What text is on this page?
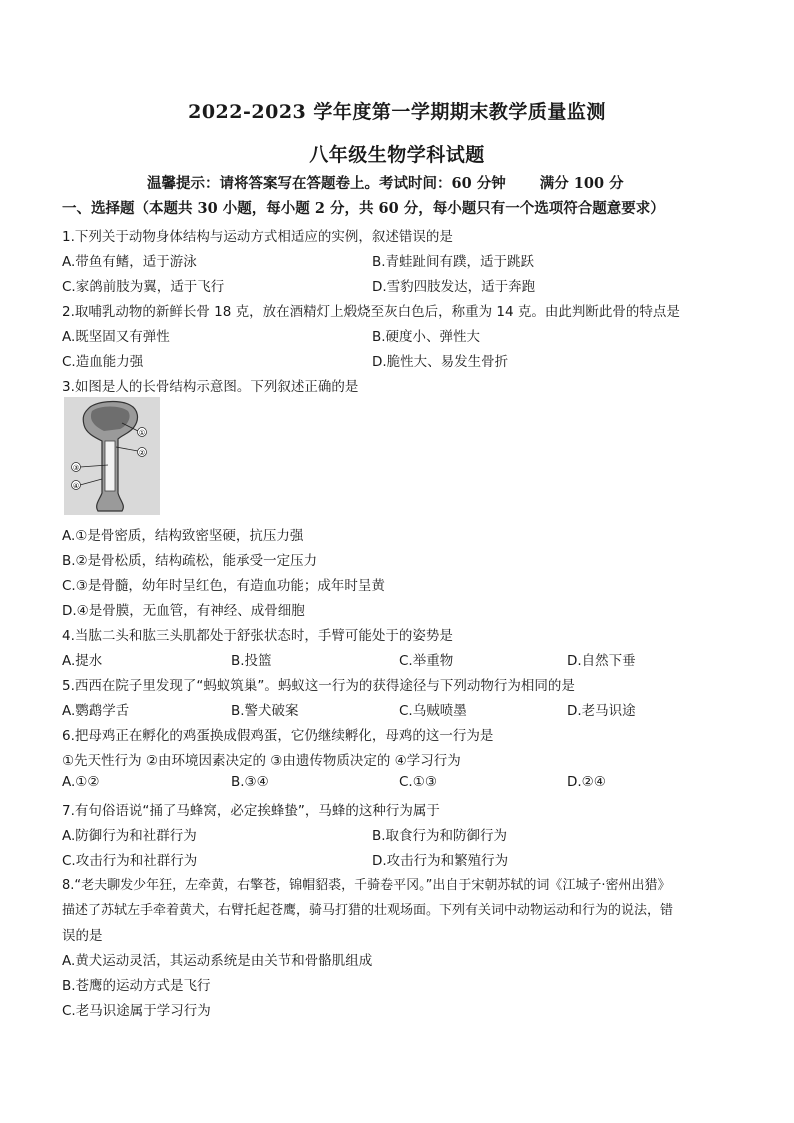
2022-2023 学年度第一学期期末教学质量监测
八年级生物学科试题
温馨提示：请将答案写在答题卷上。考试时间：60 分钟 满分 100 分
一、选择题（本题共 30 小题，每小题 2 分，共 60 分，每小题只有一个选项符合题意要求）
1.下列关于动物身体结构与运动方式相适应的实例，叙述错误的是
A.带鱼有鳍，适于游泳	B.青蛙趾间有蹼，适于跳跃
C.家鸽前肢为翼，适于飞行	D.雪豹四肢发达，适于奔跑
2.取哺乳动物的新鲜长骨 18 克，放在酒精灯上煅烧至灰白色后，称重为 14 克。由此判断此骨的特点是
A.既坚固又有弹性	B.硬度小、弹性大
C.造血能力强	D.脆性大、易发生骨折
3.如图是人的长骨结构示意图。下列叙述正确的是
①
②
③
④
A.①是骨密质，结构致密坚硬，抗压力强
B.②是骨松质，结构疏松，能承受一定压力
C.③是骨髓，幼年时呈红色，有造血功能；成年时呈黄
D.④是骨膜，无血管，有神经、成骨细胞
4.当肱二头和肱三头肌都处于舒张状态时，手臂可能处于的姿势是
A.提水	B.投篮	C.举重物	D.自然下垂
5.西西在院子里发现了“蚂蚁筑巢”。蚂蚁这一行为的获得途径与下列动物行为相同的是
A.鹦鹉学舌	B.警犬破案	C.乌贼喷墨	D.老马识途
6.把母鸡正在孵化的鸡蛋换成假鸡蛋，它仍继续孵化，母鸡的这一行为是
①先天性行为 ②由环境因素决定的 ③由遗传物质决定的 ④学习行为
A.①②	B.③④	C.①③	D.②④
7.有句俗语说“捅了马蜂窝，必定挨蜂蛰”，马蜂的这种行为属于
A.防御行为和社群行为	B.取食行为和防御行为
C.攻击行为和社群行为	D.攻击行为和繁殖行为
8.“老夫聊发少年狂，左牵黄，右擎苍，锦帽貂裘，千骑卷平冈。”出自于宋朝苏轼的词《江城子·密州出猎》
描述了苏轼左手牵着黄犬，右臂托起苍鹰，骑马打猎的壮观场面。下列有关词中动物运动和行为的说法，错
误的是
A.黄犬运动灵活，其运动系统是由关节和骨骼肌组成
B.苍鹰的运动方式是飞行
C.老马识途属于学习行为
